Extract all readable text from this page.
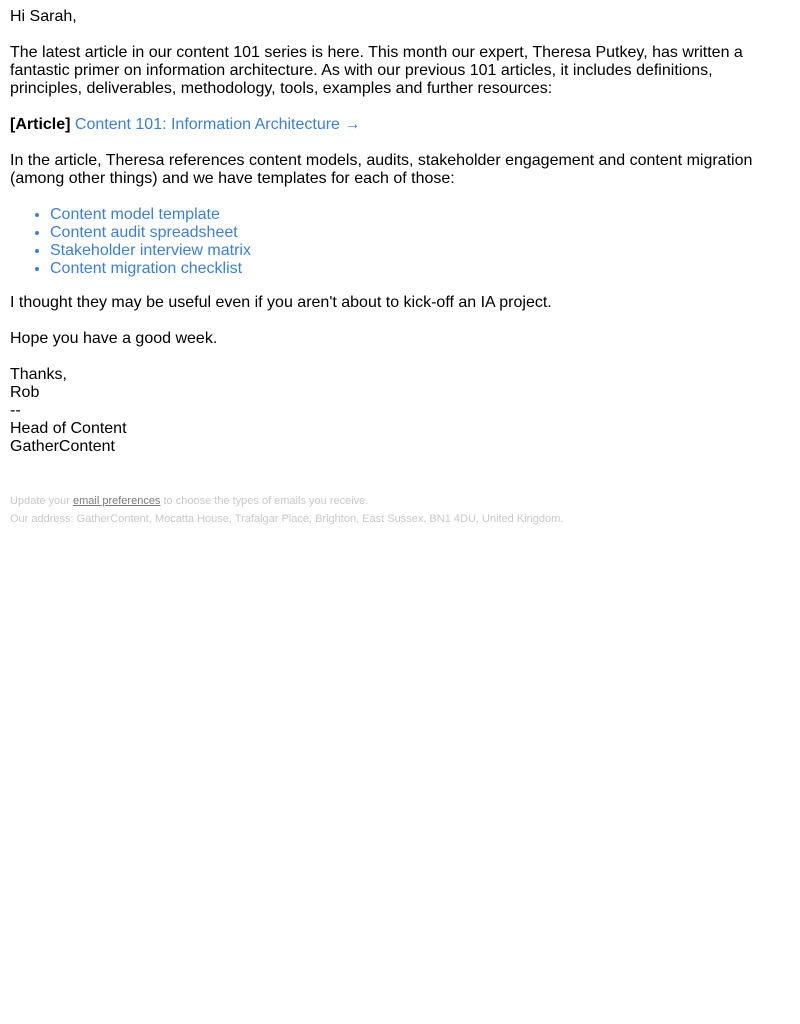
Hi Sarah,

The latest article in our content 101 series is here. This month our expert, Theresa Putkey, has written a fantastic primer on information architecture. As with our previous 101 articles, it includes definitions, principles, deliverables, methodology, tools, examples and further resources:

[Article] Content 101: Information Architecture →

In the article, Theresa references content models, audits, stakeholder engagement and content migration (among other things) and we have templates for each of those:

• Content model template
• Content audit spreadsheet
• Stakeholder interview matrix
• Content migration checklist

I thought they may be useful even if you aren't about to kick-off an IA project.

Hope you have a good week.

Thanks,

Rob

--

Head of Content

GatherContent

Update your email preferences to choose the types of emails you receive.

Our address: GatherContent, Mocatta House, Trafalgar Place, Brighton, East Sussex, BN1 4DU, United Kingdom.
